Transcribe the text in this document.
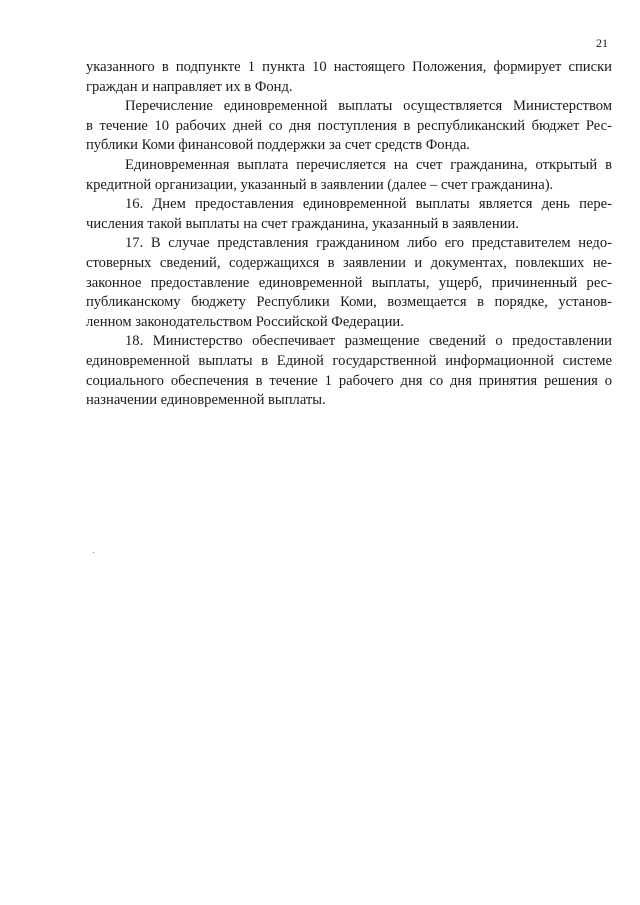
21

указанного в подпункте 1 пункта 10 настоящего Положения, формирует списки
граждан и направляет их в Фонд.

Перечисление единовременной выплаты осуществляется Министерством
в течение 10 рабочих дней со дня поступления в республиканский бюджет Рес-
публики Коми финансовой поддержки за счет средств Фонда.

Единовременная выплата перечисляется на счет гражданина, открытый в
кредитной организации, указанный в заявлении (далее – счет гражданина).

16. Днем предоставления единовременной выплаты является день пере-
числения такой выплаты на счет гражданина, указанный в заявлении.

17. В случае представления гражданином либо его представителем недо-
стоверных сведений, содержащихся в заявлении и документах, повлекших не-
законное предоставление единовременной выплаты, ущерб, причиненный рес-
публиканскому бюджету Республики Коми, возмещается в порядке, установ-
ленном законодательством Российской Федерации.

18. Министерство обеспечивает размещение сведений о предоставлении
единовременной выплаты в Единой государственной информационной системе
социального обеспечения в течение 1 рабочего дня со дня принятия решения о
назначении единовременной выплаты.
